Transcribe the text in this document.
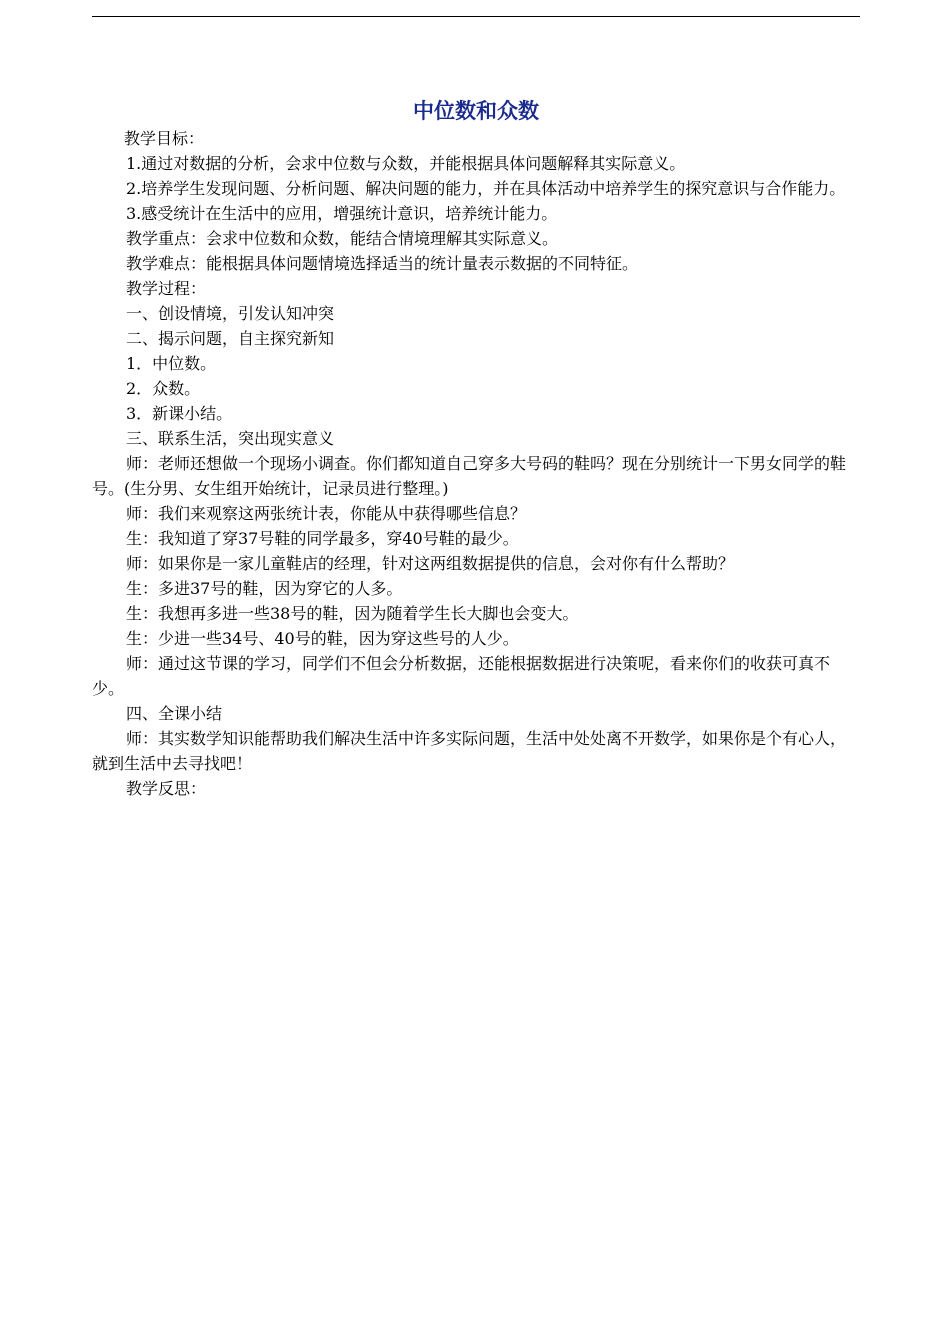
中位数和众数

教学目标：

1.通过对数据的分析，会求中位数与众数，并能根据具体问题解释其实际意义。

2.培养学生发现问题、分析问题、解决问题的能力，并在具体活动中培养学生的探究意识与合作能力。

3.感受统计在生活中的应用，增强统计意识，培养统计能力。

教学重点：会求中位数和众数，能结合情境理解其实际意义。

教学难点：能根据具体问题情境选择适当的统计量表示数据的不同特征。

教学过程：

一、创设情境，引发认知冲突

二、揭示问题，自主探究新知

1．中位数。

2．众数。

3．新课小结。

三、联系生活，突出现实意义

师：老师还想做一个现场小调查。你们都知道自己穿多大号码的鞋吗？现在分别统计一下男女同学的鞋号。(生分男、女生组开始统计，记录员进行整理。)

师：我们来观察这两张统计表，你能从中获得哪些信息？

生：我知道了穿37号鞋的同学最多，穿40号鞋的最少。

师：如果你是一家儿童鞋店的经理，针对这两组数据提供的信息，会对你有什么帮助？

生：多进37号的鞋，因为穿它的人多。

生：我想再多进一些38号的鞋，因为随着学生长大脚也会变大。

生：少进一些34号、40号的鞋，因为穿这些号的人少。

师：通过这节课的学习，同学们不但会分析数据，还能根据数据进行决策呢，看来你们的收获可真不少。

四、全课小结

师：其实数学知识能帮助我们解决生活中许多实际问题，生活中处处离不开数学，如果你是个有心人，就到生活中去寻找吧！

教学反思：
